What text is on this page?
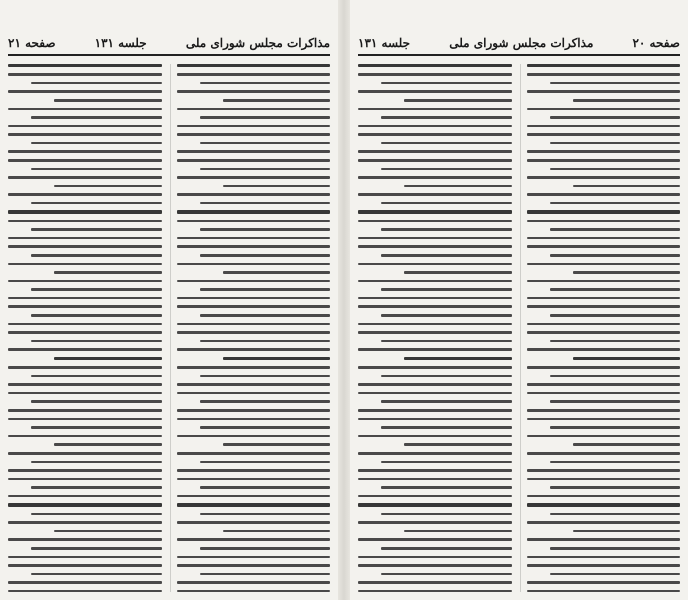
مذاکرات مجلس شورای ملی
جلسه ۱۳۱
صفحه ۲۱	صفحه ۲۰
مذاکرات مجلس شورای ملی
جلسه ۱۳۱
